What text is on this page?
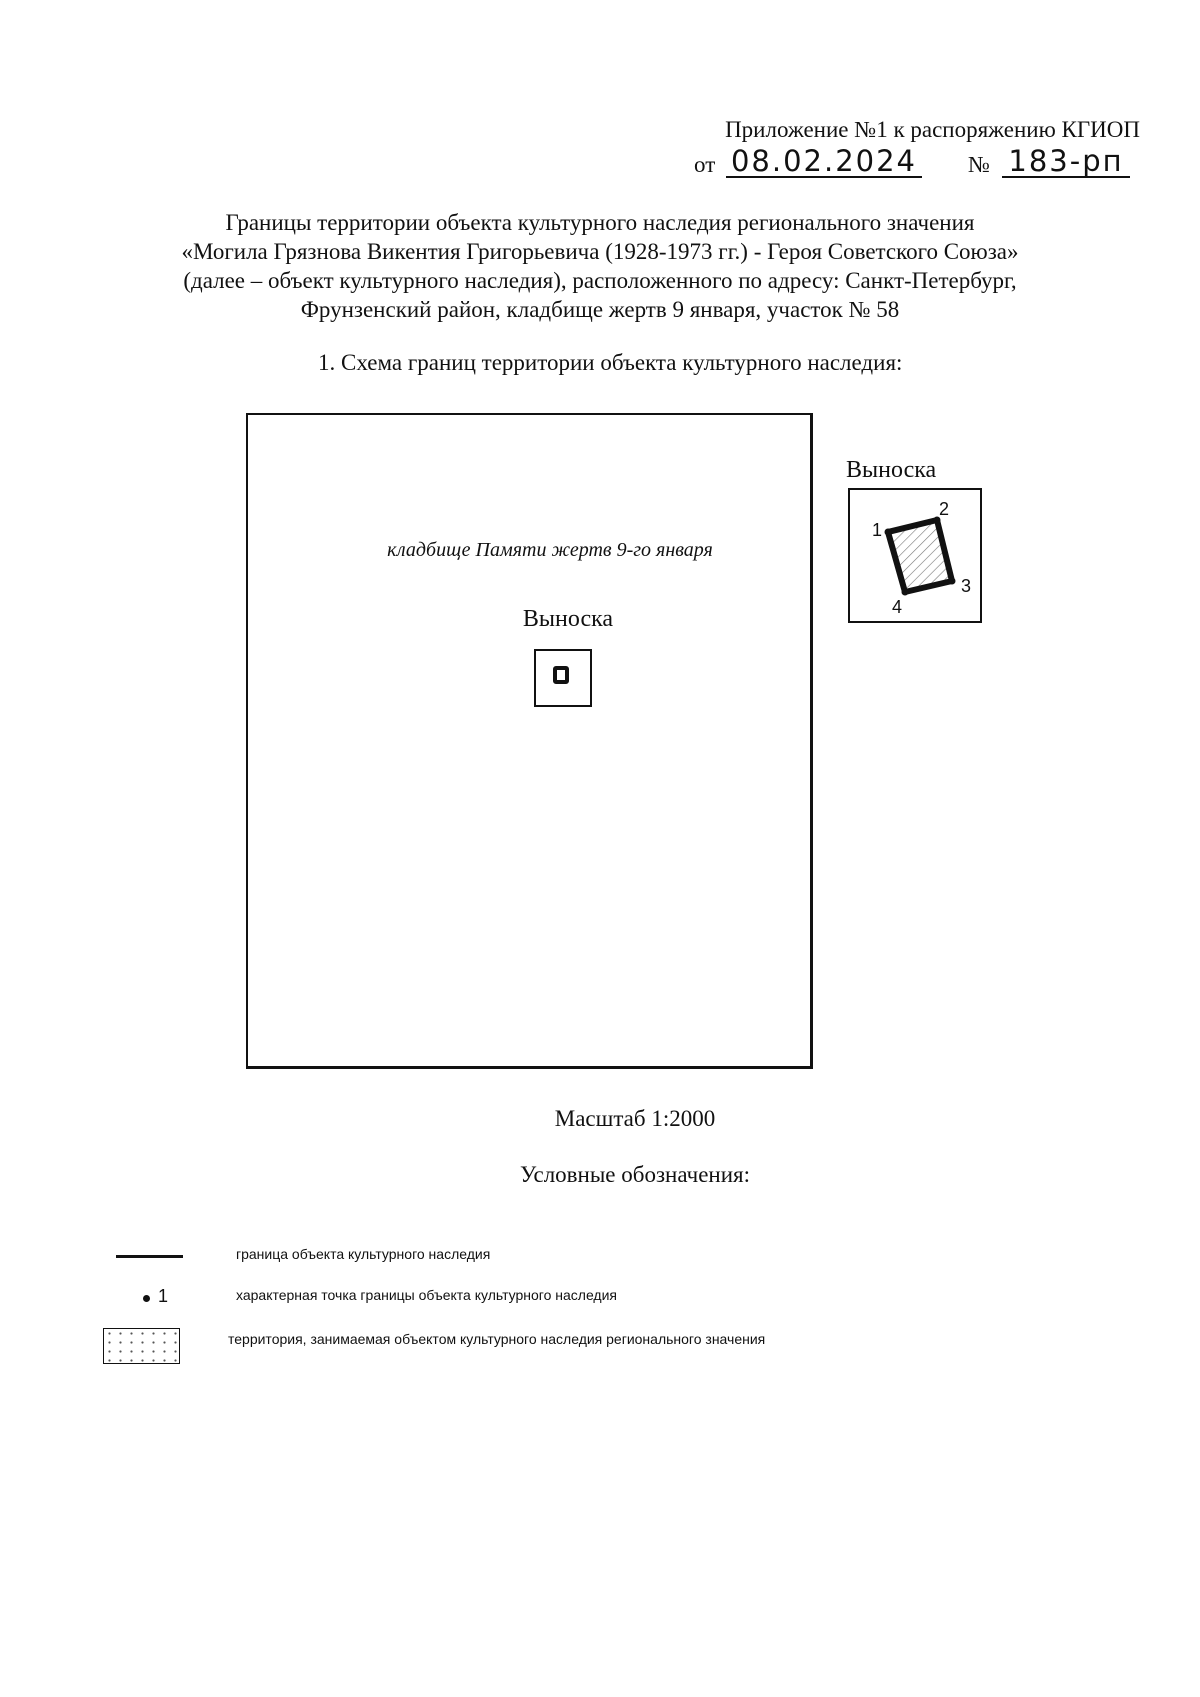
Приложение №1 к распоряжению КГИОП
от 08.02.2024 № 183-рп
Границы территории объекта культурного наследия регионального значения
«Могила Грязнова Викентия Григорьевича (1928-1973 гг.) - Героя Советского Союза»
(далее – объект культурного наследия), расположенного по адресу: Санкт-Петербург,
Фрунзенский район, кладбище жертв 9 января, участок № 58
1. Схема границ территории объекта культурного наследия:
кладбище Памяти жертв 9-го января
Выноска
Выноска
1
2
3
4
Масштаб 1:2000
Условные обозначения:
граница объекта культурного наследия
1	характерная точка границы объекта культурного наследия
территория, занимаемая объектом культурного наследия регионального значения
